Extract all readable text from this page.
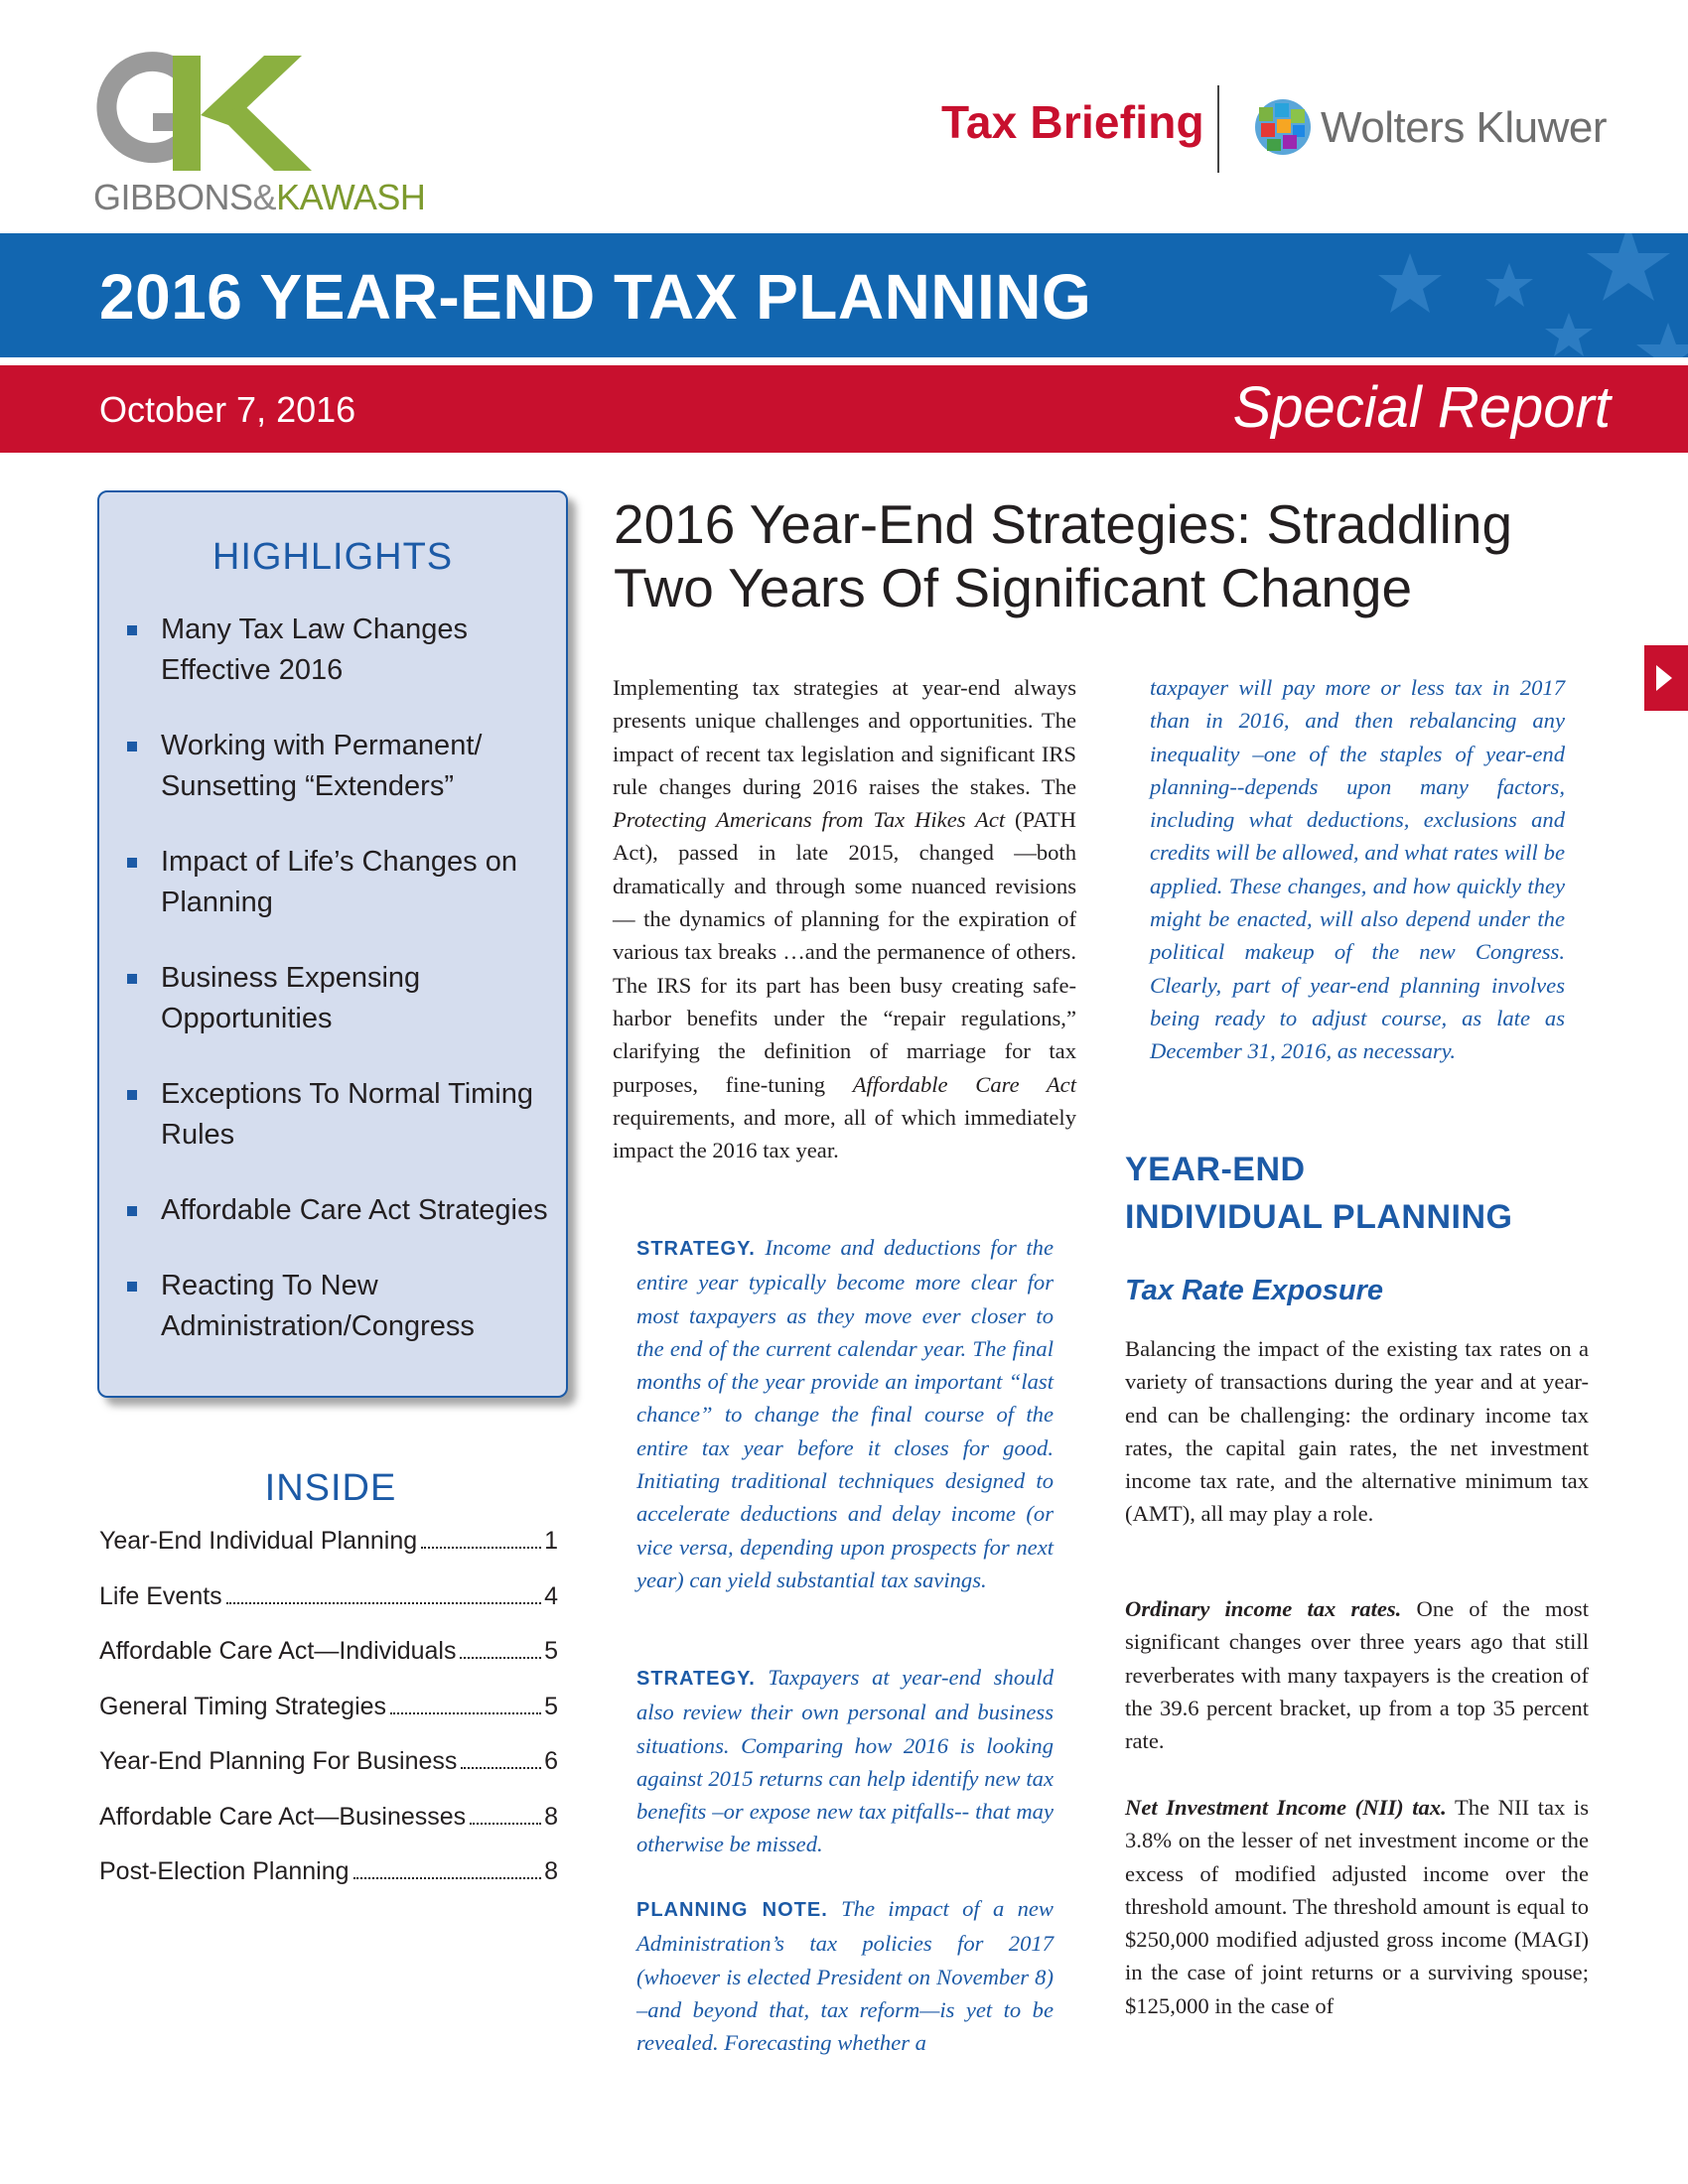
GIBBONS&KAWASH
Tax Briefing	Wolters Kluwer
2016 YEAR-END TAX PLANNING
October 7, 2016	Special Report
HIGHLIGHTS
Many Tax Law Changes Effective 2016
Working with Permanent/ Sunsetting “Extenders”
Impact of Life’s Changes on Planning
Business Expensing Opportunities
Exceptions To Normal Timing Rules
Affordable Care Act Strategies
Reacting To New Administration/Congress
INSIDE
Year-End Individual Planning	1
Life Events	4
Affordable Care Act—Individuals	5
General Timing Strategies	5
Year-End Planning For Business	6
Affordable Care Act—Businesses	8
Post-Election Planning	8
2016 Year-End Strategies: Straddling
Two Years Of Significant Change
Implementing tax strategies at year-end always presents unique challenges and opportunities. The impact of recent tax legislation and significant IRS rule changes during 2016 raises the stakes. The Protecting Americans from Tax Hikes Act (PATH Act), passed in late 2015, changed —both dramatically and through some nuanced revisions— the dynamics of planning for the expiration of various tax breaks …and the permanence of others. The IRS for its part has been busy creating safe-harbor benefits under the “repair regulations,” clarifying the definition of marriage for tax purposes, fine-tuning Affordable Care Act requirements, and more, all of which immediately impact the 2016 tax year.
STRATEGY. Income and deductions for the entire year typically become more clear for most taxpayers as they move ever closer to the end of the current calendar year. The final months of the year provide an important “last chance” to change the final course of the entire tax year before it closes for good. Initiating traditional techniques designed to accelerate deductions and delay income (or vice versa, depending upon prospects for next year) can yield substantial tax savings.
STRATEGY. Taxpayers at year-end should also review their own personal and business situations. Comparing how 2016 is looking against 2015 returns can help identify new tax benefits –or expose new tax pitfalls-- that may otherwise be missed.
PLANNING NOTE. The impact of a new Administration’s tax policies for 2017 (whoever is elected President on November 8) –and beyond that, tax reform—is yet to be revealed. Forecasting whether a
taxpayer will pay more or less tax in 2017 than in 2016, and then rebalancing any inequality –one of the staples of year-end planning--depends upon many factors, including what deductions, exclusions and credits will be allowed, and what rates will be applied. These changes, and how quickly they might be enacted, will also depend under the political makeup of the new Congress. Clearly, part of year-end planning involves being ready to adjust course, as late as December 31, 2016, as necessary.
YEAR-END
INDIVIDUAL PLANNING
Tax Rate Exposure
Balancing the impact of the existing tax rates on a variety of transactions during the year and at year-end can be challenging: the ordinary income tax rates, the capital gain rates, the net investment income tax rate, and the alternative minimum tax (AMT), all may play a role.
Ordinary income tax rates. One of the most significant changes over three years ago that still reverberates with many taxpayers is the creation of the 39.6 percent bracket, up from a top 35 percent rate.
Net Investment Income (NII) tax. The NII tax is 3.8% on the lesser of net investment income or the excess of modified adjusted income over the threshold amount. The threshold amount is equal to $250,000 modified adjusted gross income (MAGI) in the case of joint returns or a surviving spouse; $125,000 in the case of
